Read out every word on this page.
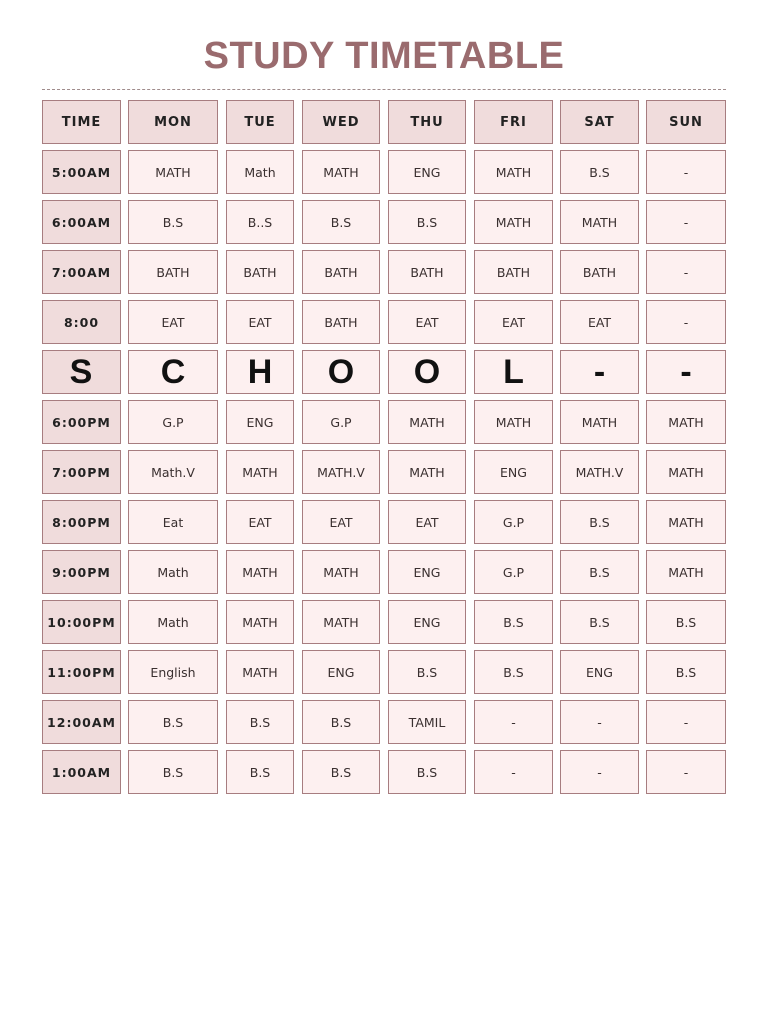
STUDY TIMETABLE
TIME	MON	TUE	WED	THU	FRI	SAT	SUN
5:00AM	MATH	Math	MATH	ENG	MATH	B.S	-
6:00AM	B.S	B..S	B.S	B.S	MATH	MATH	-
7:00AM	BATH	BATH	BATH	BATH	BATH	BATH	-
8:00	EAT	EAT	BATH	EAT	EAT	EAT	-
S	C	H	O	O	L	-	-
6:00PM	G.P	ENG	G.P	MATH	MATH	MATH	MATH
7:00PM	Math.V	MATH	MATH.V	MATH	ENG	MATH.V	MATH
8:00PM	Eat	EAT	EAT	EAT	G.P	B.S	MATH
9:00PM	Math	MATH	MATH	ENG	G.P	B.S	MATH
10:00PM	Math	MATH	MATH	ENG	B.S	B.S	B.S
11:00PM	English	MATH	ENG	B.S	B.S	ENG	B.S
12:00AM	B.S	B.S	B.S	TAMIL	-	-	-
1:00AM	B.S	B.S	B.S	B.S	-	-	-
